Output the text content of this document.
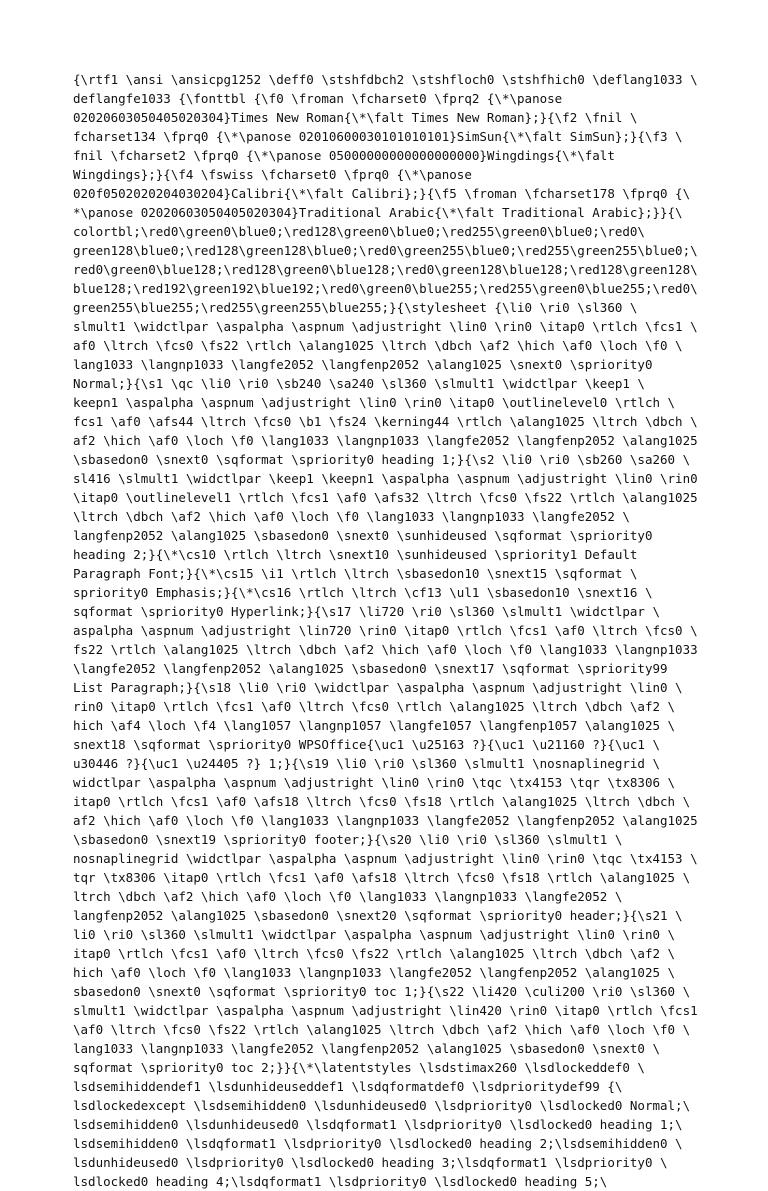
{\rtf1 \ansi \ansicpg1252 \deff0 \stshfdbch2 \stshfloch0 \stshfhich0 \deflang1033 \
deflangfe1033 {\fonttbl {\f0 \froman \fcharset0 \fprq2 {\*\panose
02020603050405020304}Times New Roman{\*\falt Times New Roman};}{\f2 \fnil \
fcharset134 \fprq0 {\*\panose 02010600030101010101}SimSun{\*\falt SimSun};}{\f3 \
fnil \fcharset2 \fprq0 {\*\panose 05000000000000000000}Wingdings{\*\falt
Wingdings};}{\f4 \fswiss \fcharset0 \fprq0 {\*\panose
020f0502020204030204}Calibri{\*\falt Calibri};}{\f5 \froman \fcharset178 \fprq0 {\
*\panose 02020603050405020304}Traditional Arabic{\*\falt Traditional Arabic};}}{\
colortbl;\red0\green0\blue0;\red128\green0\blue0;\red255\green0\blue0;\red0\
green128\blue0;\red128\green128\blue0;\red0\green255\blue0;\red255\green255\blue0;\
red0\green0\blue128;\red128\green0\blue128;\red0\green128\blue128;\red128\green128\
blue128;\red192\green192\blue192;\red0\green0\blue255;\red255\green0\blue255;\red0\
green255\blue255;\red255\green255\blue255;}{\stylesheet {\li0 \ri0 \sl360 \
slmult1 \widctlpar \aspalpha \aspnum \adjustright \lin0 \rin0 \itap0 \rtlch \fcs1 \
af0 \ltrch \fcs0 \fs22 \rtlch \alang1025 \ltrch \dbch \af2 \hich \af0 \loch \f0 \
lang1033 \langnp1033 \langfe2052 \langfenp2052 \alang1025 \snext0 \spriority0
Normal;}{\s1 \qc \li0 \ri0 \sb240 \sa240 \sl360 \slmult1 \widctlpar \keep1 \
keepn1 \aspalpha \aspnum \adjustright \lin0 \rin0 \itap0 \outlinelevel0 \rtlch \
fcs1 \af0 \afs44 \ltrch \fcs0 \b1 \fs24 \kerning44 \rtlch \alang1025 \ltrch \dbch \
af2 \hich \af0 \loch \f0 \lang1033 \langnp1033 \langfe2052 \langfenp2052 \alang1025
\sbasedon0 \snext0 \sqformat \spriority0 heading 1;}{\s2 \li0 \ri0 \sb260 \sa260 \
sl416 \slmult1 \widctlpar \keep1 \keepn1 \aspalpha \aspnum \adjustright \lin0 \rin0
\itap0 \outlinelevel1 \rtlch \fcs1 \af0 \afs32 \ltrch \fcs0 \fs22 \rtlch \alang1025
\ltrch \dbch \af2 \hich \af0 \loch \f0 \lang1033 \langnp1033 \langfe2052 \
langfenp2052 \alang1025 \sbasedon0 \snext0 \sunhideused \sqformat \spriority0
heading 2;}{\*\cs10 \rtlch \ltrch \snext10 \sunhideused \spriority1 Default
Paragraph Font;}{\*\cs15 \i1 \rtlch \ltrch \sbasedon10 \snext15 \sqformat \
spriority0 Emphasis;}{\*\cs16 \rtlch \ltrch \cf13 \ul1 \sbasedon10 \snext16 \
sqformat \spriority0 Hyperlink;}{\s17 \li720 \ri0 \sl360 \slmult1 \widctlpar \
aspalpha \aspnum \adjustright \lin720 \rin0 \itap0 \rtlch \fcs1 \af0 \ltrch \fcs0 \
fs22 \rtlch \alang1025 \ltrch \dbch \af2 \hich \af0 \loch \f0 \lang1033 \langnp1033
\langfe2052 \langfenp2052 \alang1025 \sbasedon0 \snext17 \sqformat \spriority99
List Paragraph;}{\s18 \li0 \ri0 \widctlpar \aspalpha \aspnum \adjustright \lin0 \
rin0 \itap0 \rtlch \fcs1 \af0 \ltrch \fcs0 \rtlch \alang1025 \ltrch \dbch \af2 \
hich \af4 \loch \f4 \lang1057 \langnp1057 \langfe1057 \langfenp1057 \alang1025 \
snext18 \sqformat \spriority0 WPSOffice{\uc1 \u25163 ?}{\uc1 \u21160 ?}{\uc1 \
u30446 ?}{\uc1 \u24405 ?} 1;}{\s19 \li0 \ri0 \sl360 \slmult1 \nosnaplinegrid \
widctlpar \aspalpha \aspnum \adjustright \lin0 \rin0 \tqc \tx4153 \tqr \tx8306 \
itap0 \rtlch \fcs1 \af0 \afs18 \ltrch \fcs0 \fs18 \rtlch \alang1025 \ltrch \dbch \
af2 \hich \af0 \loch \f0 \lang1033 \langnp1033 \langfe2052 \langfenp2052 \alang1025
\sbasedon0 \snext19 \spriority0 footer;}{\s20 \li0 \ri0 \sl360 \slmult1 \
nosnaplinegrid \widctlpar \aspalpha \aspnum \adjustright \lin0 \rin0 \tqc \tx4153 \
tqr \tx8306 \itap0 \rtlch \fcs1 \af0 \afs18 \ltrch \fcs0 \fs18 \rtlch \alang1025 \
ltrch \dbch \af2 \hich \af0 \loch \f0 \lang1033 \langnp1033 \langfe2052 \
langfenp2052 \alang1025 \sbasedon0 \snext20 \sqformat \spriority0 header;}{\s21 \
li0 \ri0 \sl360 \slmult1 \widctlpar \aspalpha \aspnum \adjustright \lin0 \rin0 \
itap0 \rtlch \fcs1 \af0 \ltrch \fcs0 \fs22 \rtlch \alang1025 \ltrch \dbch \af2 \
hich \af0 \loch \f0 \lang1033 \langnp1033 \langfe2052 \langfenp2052 \alang1025 \
sbasedon0 \snext0 \sqformat \spriority0 toc 1;}{\s22 \li420 \culi200 \ri0 \sl360 \
slmult1 \widctlpar \aspalpha \aspnum \adjustright \lin420 \rin0 \itap0 \rtlch \fcs1
\af0 \ltrch \fcs0 \fs22 \rtlch \alang1025 \ltrch \dbch \af2 \hich \af0 \loch \f0 \
lang1033 \langnp1033 \langfe2052 \langfenp2052 \alang1025 \sbasedon0 \snext0 \
sqformat \spriority0 toc 2;}}{\*\latentstyles \lsdstimax260 \lsdlockeddef0 \
lsdsemihiddendef1 \lsdunhideuseddef1 \lsdqformatdef0 \lsdprioritydef99 {\
lsdlockedexcept \lsdsemihidden0 \lsdunhideused0 \lsdpriority0 \lsdlocked0 Normal;\
lsdsemihidden0 \lsdunhideused0 \lsdqformat1 \lsdpriority0 \lsdlocked0 heading 1;\
lsdsemihidden0 \lsdqformat1 \lsdpriority0 \lsdlocked0 heading 2;\lsdsemihidden0 \
lsdunhideused0 \lsdpriority0 \lsdlocked0 heading 3;\lsdqformat1 \lsdpriority0 \
lsdlocked0 heading 4;\lsdqformat1 \lsdpriority0 \lsdlocked0 heading 5;\
